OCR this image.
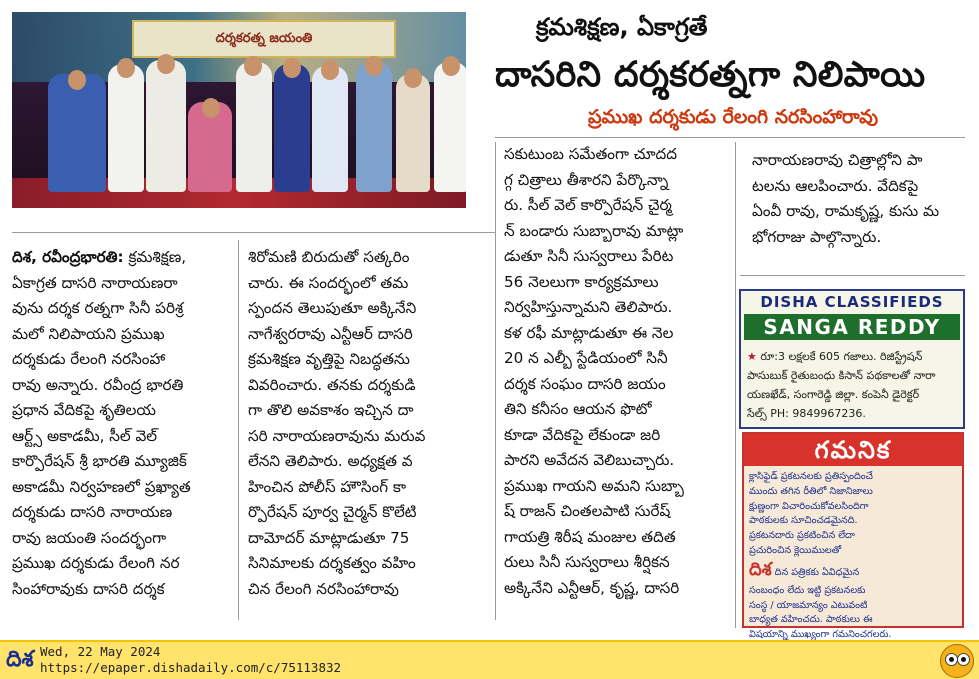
దర్శకరత్న జయంతి	క్రమశిక్షణ, ఏకాగ్రతే
దాసరిని దర్శకరత్నగా నిలిపాయి
ప్రముఖ దర్శకుడు రేలంగి నరసింహారావు
దిశ, రవీంద్రభారతి: క్రమశిక్షణ,
ఏకాగ్రత దాసరి నారాయణరా
వును దర్శక రత్నగా సినీ పరిశ్ర
మలో నిలిపాయని ప్రముఖ
దర్శకుడు రేలంగి నరసింహా
రావు అన్నారు. రవీంద్ర భారతి
ప్రధాన వేదికపై శృతిలయ
ఆర్ట్స్ అకాడమీ, సీల్ వెల్
కార్పొరేషన్ శ్రీ భారతి మ్యూజిక్
అకాడమీ నిర్వహణలో ప్రఖ్యాత
దర్శకుడు దాసరి నారాయణ
రావు జయంతి సందర్భంగా
ప్రముఖ దర్శకుడు రేలంగి నర
సింహారావుకు దాసరి దర్శక
శిరోమణి బిరుదుతో సత్కరిం
చారు. ఈ సందర్భంలో తమ
స్పందన తెలుపుతూ అక్కినేని
నాగేశ్వరరావు ఎన్టీఆర్ దాసరి
క్రమశిక్షణ వృత్తిపై నిబద్ధతను
వివరించారు. తనకు దర్శకుడి
గా తొలి అవకాశం ఇచ్చిన దా
సరి నారాయణరావును మరువ
లేనని తెలిపారు. అధ్యక్షత వ
హించిన పోలీస్ హౌసింగ్ కా
ర్పొరేషన్ పూర్వ చైర్మన్ కొలేటి
దామోదర్ మాట్లాడుతూ 75
సినిమాలకు దర్శకత్వం వహిం
చిన రేలంగి నరసింహారావు
సకుటుంబ సమేతంగా చూదద
గ్గ చిత్రాలు తీశారని పేర్కొన్నా
రు. సీల్ వెల్ కార్పొరేషన్ చైర్మ
న్ బండారు సుబ్బారావు మాట్లా
డుతూ సినీ సుస్వరాలు పేరిట
56 నెలలుగా కార్యక్రమాలు
నిర్వహిస్తున్నామని తెలిపారు.
కళ రఫీ మాట్లాడుతూ ఈ నెల
20 న ఎల్బీ స్టేడియంలో సినీ
దర్శక సంఘం దాసరి జయం
తిని కనీసం ఆయన ఫొటో
కూడా వేదికపై లేకుండా జరి
పారని అవేదన వెలిబుచ్చారు.
ప్రముఖ గాయని అమని సుబ్బా
ష్ రాజన్ చింతలపాటి సురేష్
గాయత్రి శిరీష మంజుల తదిత
రులు సినీ సుస్వరాలు శీర్షికన
అక్కినేని ఎన్టీఆర్, కృష్ణ, దాసరి
నారాయణరావు చిత్రాల్లోని పా
టలను ఆలపించారు. వేదికపై
ఏంవీ రావు, రామకృష్ణ, కుసు మ
భోగరాజు పాల్గొన్నారు.
DISHA CLASSIFIEDS
SANGA REDDY
★ రూ:3 లక్షలకే 605 గజాలు. రిజిస్ట్రేషన్
పాసుబుక్ రైతుబంధు కిసాన్ పథకాలతో నారా
యణఖేడ్, సంగారెడ్డి జిల్లా. కంపెనీ డైరెక్టర్
సేల్స్ PH: 9849967236.
గమనిక
క్లాసిఫైడ్ ప్రకటనలకు ప్రతిస్పందించే
ముందు తగిన రీతిలో నిజానిజాలు
క్షుణ్ణంగా విచారించుకోవలసిందిగా
పాఠకులకు సూచించడమైనది.
ప్రకటనదారు ప్రకటించిన లేదా
ప్రచురించిన క్లెయిములతో
దిశ దిన పత్రికకు ఏవిధమైన
సంబంధం లేదు ఇట్టి ప్రకటనలకు
సంస్థ / యాజమాన్యం ఎటువంటి
బాధ్యత వహించదు. పాఠకులు ఈ
విషయాన్ని ముఖ్యంగా గమనించగలరు.
దిశ Wed, 22 May 2024
https://epaper.dishadaily.com/c/75113832
